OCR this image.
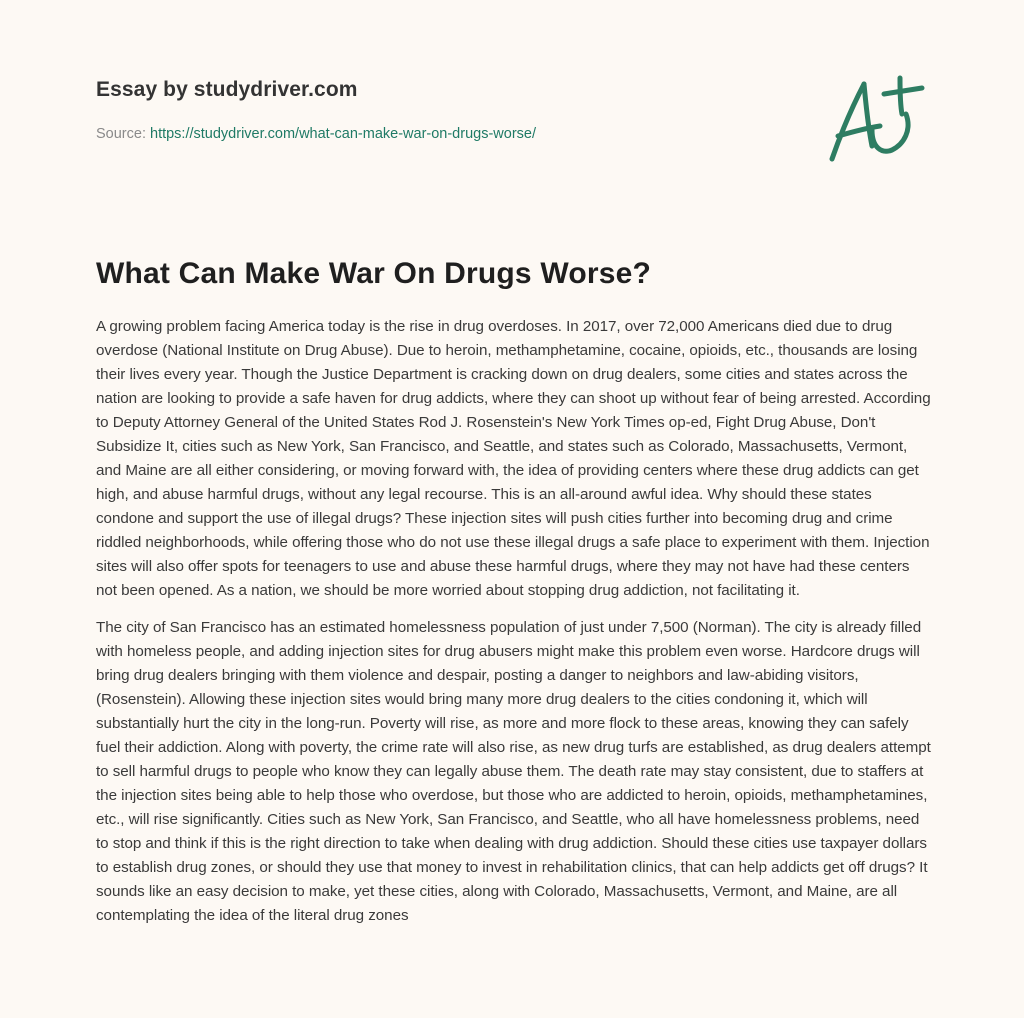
Essay by studydriver.com
Source: https://studydriver.com/what-can-make-war-on-drugs-worse/
What Can Make War On Drugs Worse?

A growing problem facing America today is the rise in drug overdoses. In 2017, over 72,000 Americans died due to drug overdose (National Institute on Drug Abuse). Due to heroin, methamphetamine, cocaine, opioids, etc., thousands are losing their lives every year. Though the Justice Department is cracking down on drug dealers, some cities and states across the nation are looking to provide a safe haven for drug addicts, where they can shoot up without fear of being arrested. According to Deputy Attorney General of the United States Rod J. Rosenstein's New York Times op-ed, Fight Drug Abuse, Don't Subsidize It, cities such as New York, San Francisco, and Seattle, and states such as Colorado, Massachusetts, Vermont, and Maine are all either considering, or moving forward with, the idea of providing centers where these drug addicts can get high, and abuse harmful drugs, without any legal recourse. This is an all-around awful idea. Why should these states condone and support the use of illegal drugs? These injection sites will push cities further into becoming drug and crime riddled neighborhoods, while offering those who do not use these illegal drugs a safe place to experiment with them. Injection sites will also offer spots for teenagers to use and abuse these harmful drugs, where they may not have had these centers not been opened. As a nation, we should be more worried about stopping drug addiction, not facilitating it.

The city of San Francisco has an estimated homelessness population of just under 7,500 (Norman). The city is already filled with homeless people, and adding injection sites for drug abusers might make this problem even worse. Hardcore drugs will bring drug dealers bringing with them violence and despair, posting a danger to neighbors and law-abiding visitors, (Rosenstein). Allowing these injection sites would bring many more drug dealers to the cities condoning it, which will substantially hurt the city in the long-run. Poverty will rise, as more and more flock to these areas, knowing they can safely fuel their addiction. Along with poverty, the crime rate will also rise, as new drug turfs are established, as drug dealers attempt to sell harmful drugs to people who know they can legally abuse them. The death rate may stay consistent, due to staffers at the injection sites being able to help those who overdose, but those who are addicted to heroin, opioids, methamphetamines, etc., will rise significantly. Cities such as New York, San Francisco, and Seattle, who all have homelessness problems, need to stop and think if this is the right direction to take when dealing with drug addiction. Should these cities use taxpayer dollars to establish drug zones, or should they use that money to invest in rehabilitation clinics, that can help addicts get off drugs? It sounds like an easy decision to make, yet these cities, along with Colorado, Massachusetts, Vermont, and Maine, are all contemplating the idea of the literal drug zones
